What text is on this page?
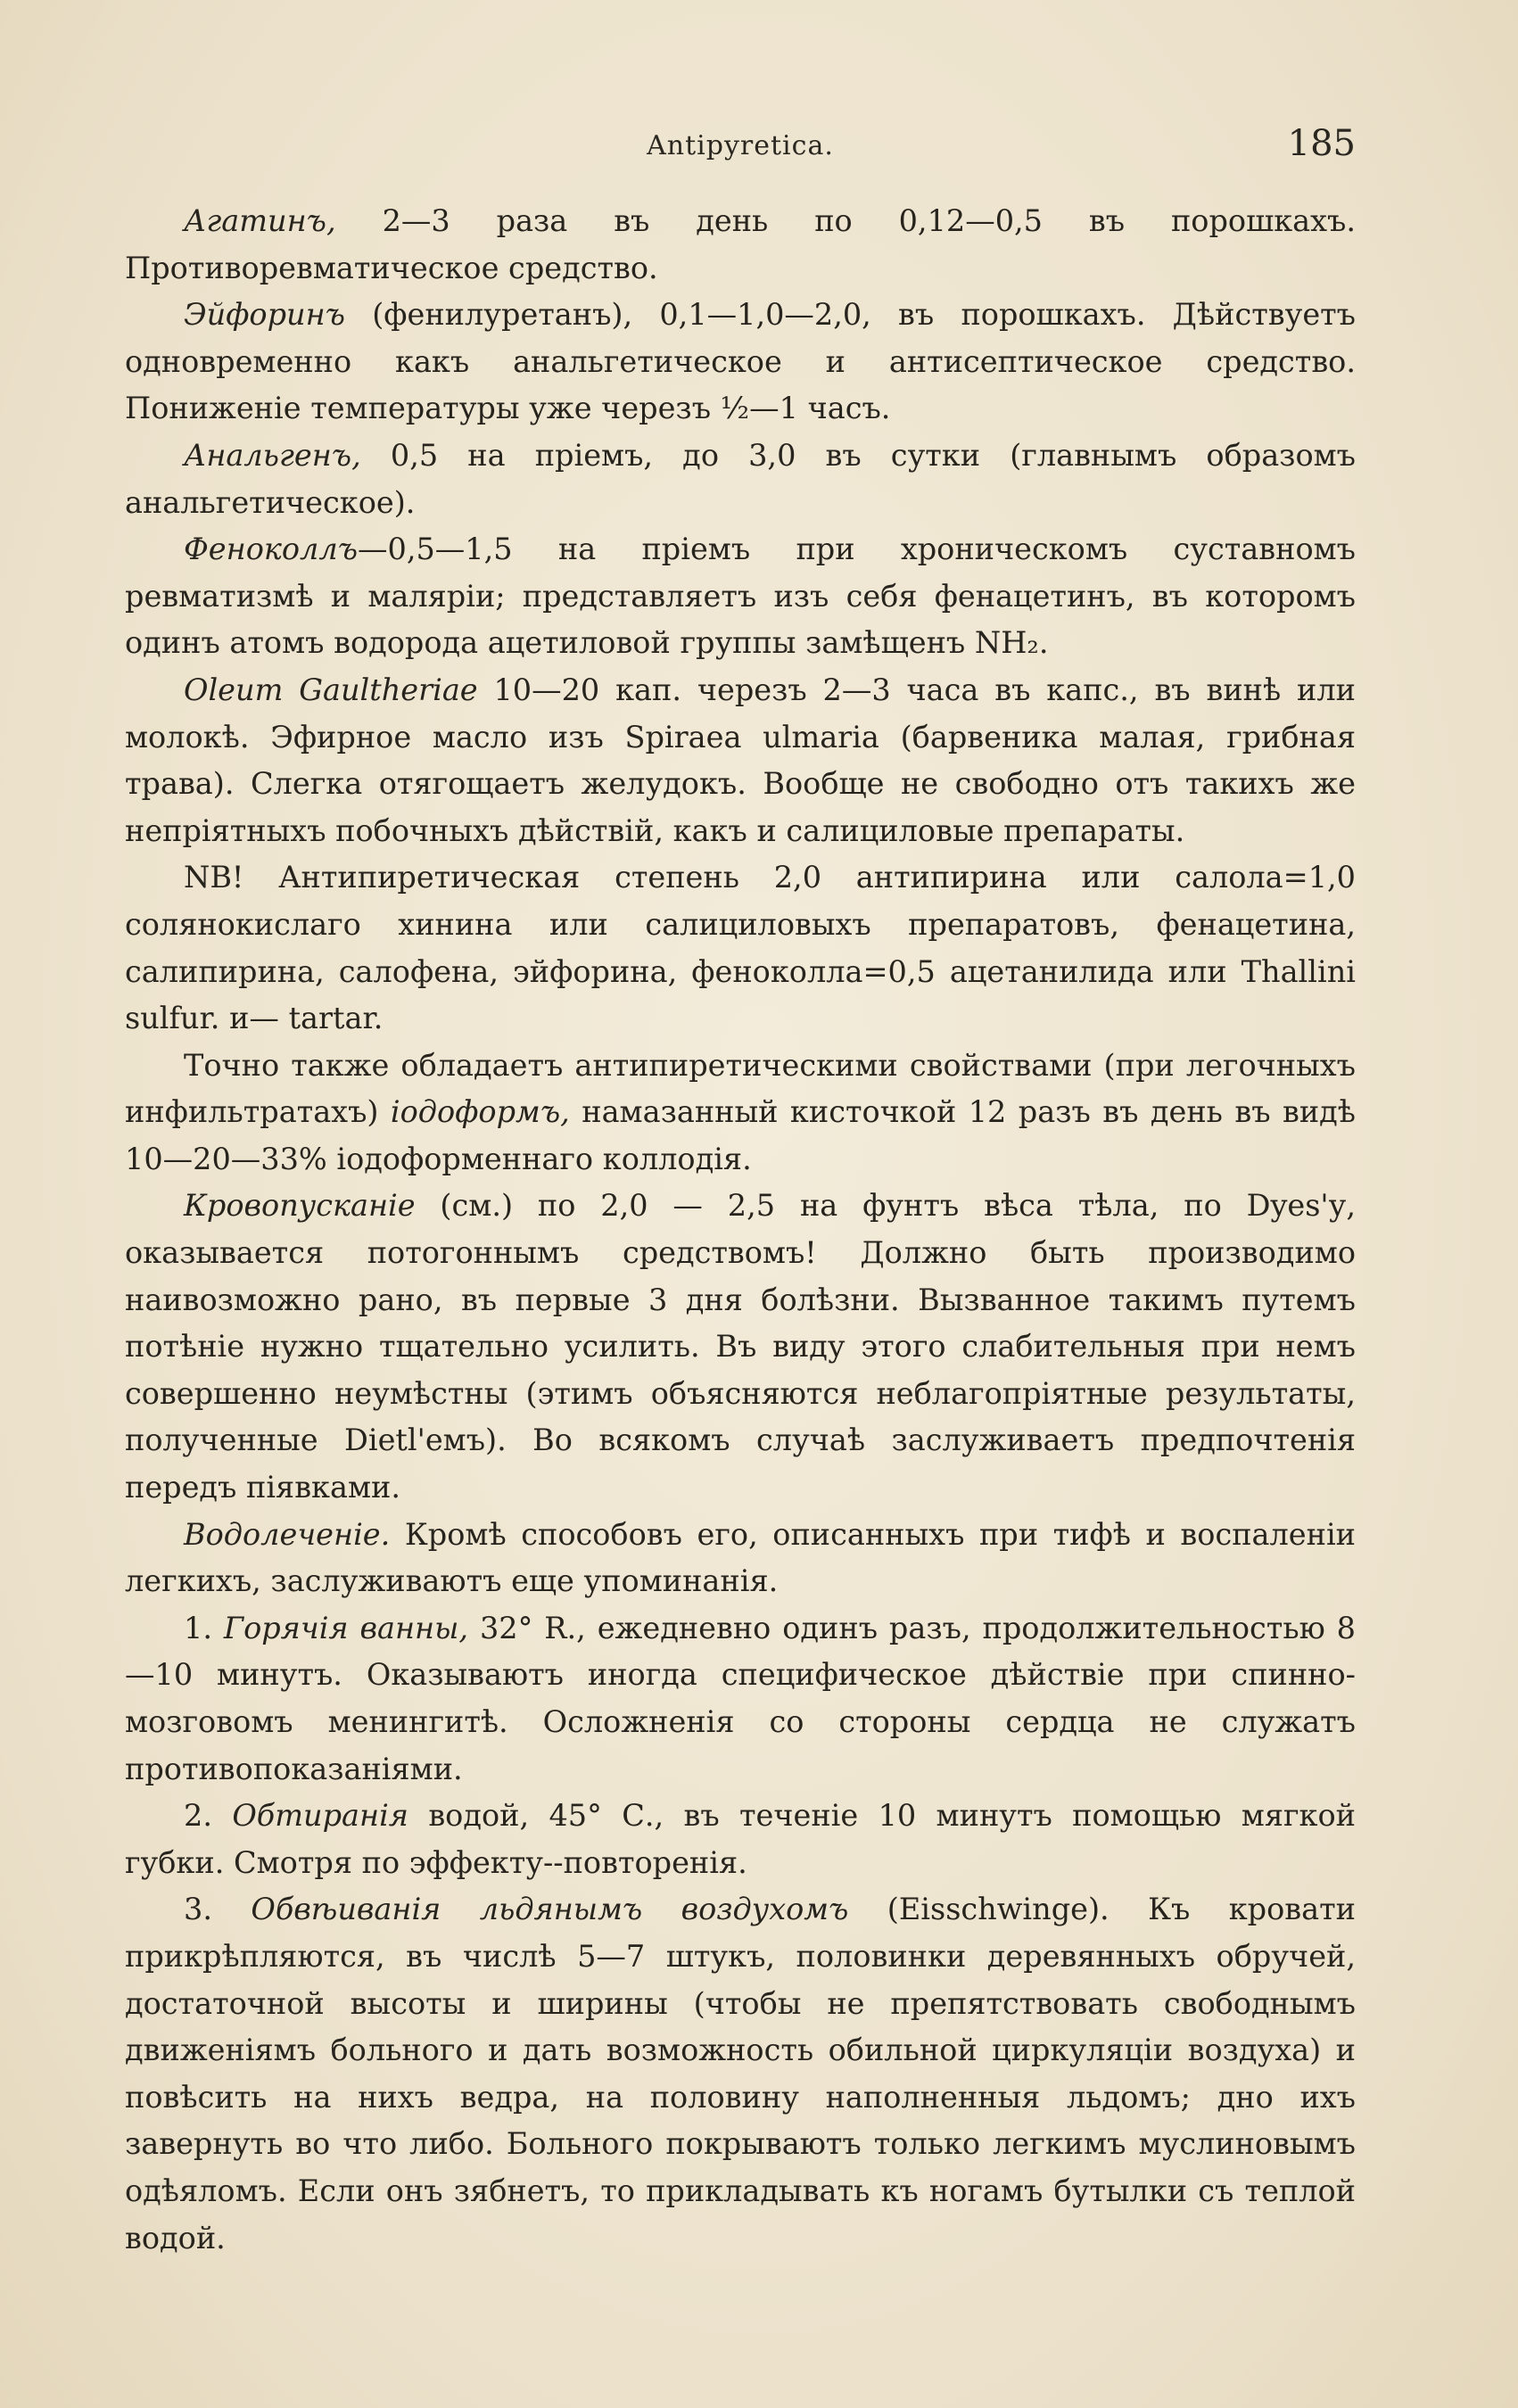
Antipyretica.	185

Агатинъ, 2—3 раза въ день по 0,12—0,5 въ порошкахъ. Противоревматическое средство.

Эйфоринъ (фенилуретанъ), 0,1—1,0—2,0, въ порошкахъ. Дѣйствуетъ одновременно какъ анальгетическое и антисептическое средство. Пониженіе температуры уже черезъ ½—1 часъ.

Анальгенъ, 0,5 на пріемъ, до 3,0 въ сутки (главнымъ образомъ анальгетическое).

Феноколлъ—0,5—1,5 на пріемъ при хроническомъ суставномъ ревматизмѣ и маляріи; представляетъ изъ себя фенацетинъ, въ которомъ одинъ атомъ водорода ацетиловой группы замѣщенъ NH₂.

Oleum Gaultheriae 10—20 кап. черезъ 2—3 часа въ капс., въ винѣ или молокѣ. Эфирное масло изъ Spiraea ulmaria (барвеника малая, грибная трава). Слегка отягощаетъ желудокъ. Вообще не свободно отъ такихъ же непріятныхъ побочныхъ дѣйствій, какъ и салициловые препараты.

NB! Антипиретическая степень 2,0 антипирина или салола=1,0 солянокислаго хинина или салициловыхъ препаратовъ, фенацетина, салипирина, салофена, эйфорина, феноколла=0,5 ацетанилида или Thallini sulfur. и— tartar.

Точно также обладаетъ антипиретическими свойствами (при легочныхъ инфильтратахъ) іодоформъ, намазанный кисточкой 12 разъ въ день въ видѣ 10—20—33% іодоформеннаго коллодія.

Кровопусканіе (см.) по 2,0 — 2,5 на фунтъ вѣса тѣла, по Dyes'у, оказывается потогоннымъ средствомъ! Должно быть производимо наивозможно рано, въ первые 3 дня болѣзни. Вызванное такимъ путемъ потѣніе нужно тщательно усилить. Въ виду этого слабительныя при немъ совершенно неумѣстны (этимъ объясняются неблагопріятные результаты, полученные Dietl'емъ). Во всякомъ случаѣ заслуживаетъ предпочтенія передъ піявками.

Водолеченіе. Кромѣ способовъ его, описанныхъ при тифѣ и воспаленіи легкихъ, заслуживаютъ еще упоминанія.

1. Горячія ванны, 32° R., ежедневно одинъ разъ, продолжительностью 8—10 минутъ. Оказываютъ иногда специфическое дѣйствіе при спинно-мозговомъ менингитѣ. Осложненія со стороны сердца не служатъ противопоказаніями.

2. Обтиранія водой, 45° С., въ теченіе 10 минутъ помощью мягкой губки. Смотря по эффекту--повторенія.

3. Обвѣиванія льдянымъ воздухомъ (Eisschwinge). Къ кровати прикрѣпляются, въ числѣ 5—7 штукъ, половинки деревянныхъ обручей, достаточной высоты и ширины (чтобы не препятствовать свободнымъ движеніямъ больного и дать возможность обильной циркуляціи воздуха) и повѣсить на нихъ ведра, на половину наполненныя льдомъ; дно ихъ завернуть во что либо. Больного покрываютъ только легкимъ муслиновымъ одѣяломъ. Если онъ зябнетъ, то прикладывать къ ногамъ бутылки съ теплой водой.
